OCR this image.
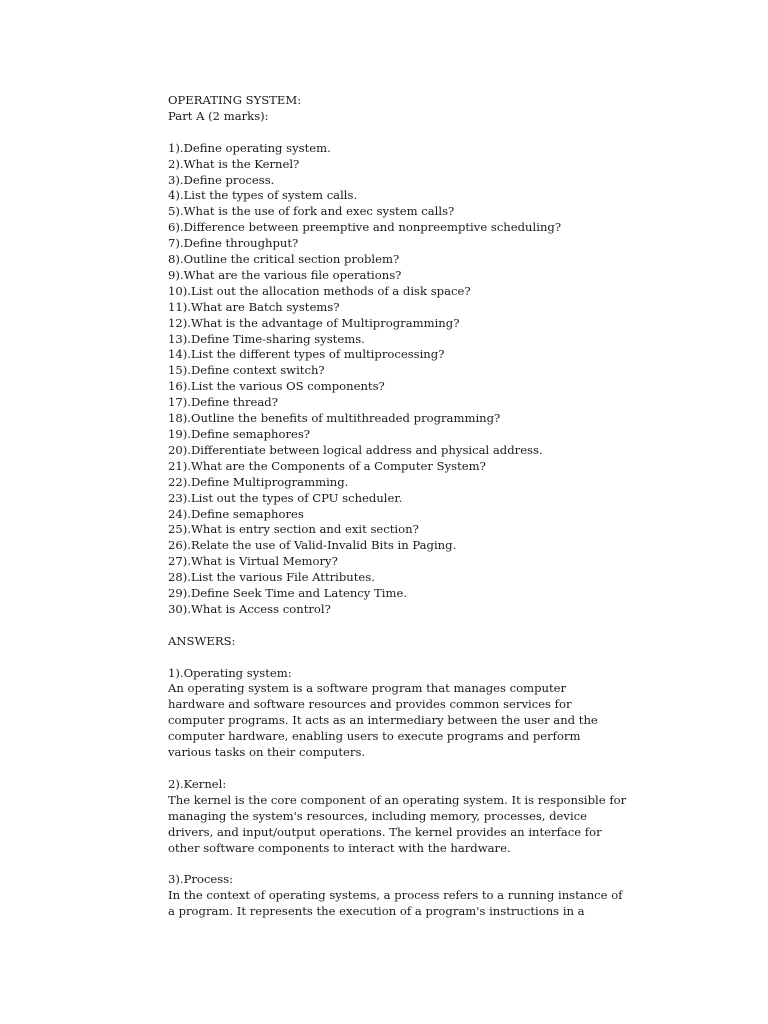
OPERATING SYSTEM:
Part A (2 marks):
1).Define operating system.
2).What is the Kernel?
3).Define process.
4).List the types of system calls.
5).What is the use of fork and exec system calls?
6).Difference between preemptive and nonpreemptive scheduling?
7).Define throughput?
8).Outline the critical section problem?
9).What are the various file operations?
10).List out the allocation methods of a disk space?
11).What are Batch systems?
12).What is the advantage of Multiprogramming?
13).Define Time-sharing systems.
14).List the different types of multiprocessing?
15).Define context switch?
16).List the various OS components?
17).Define thread?
18).Outline the benefits of multithreaded programming?
19).Define semaphores?
20).Differentiate between logical address and physical address.
21).What are the Components of a Computer System?
22).Define Multiprogramming.
23).List out the types of CPU scheduler.
24).Define semaphores
25).What is entry section and exit section?
26).Relate the use of Valid-Invalid Bits in Paging.
27).What is Virtual Memory?
28).List the various File Attributes.
29).Define Seek Time and Latency Time.
30).What is Access control?
ANSWERS:
1).Operating system:
An operating system is a software program that manages computer
hardware and software resources and provides common services for
computer programs. It acts as an intermediary between the user and the
computer hardware, enabling users to execute programs and perform
various tasks on their computers.
2).Kernel:
The kernel is the core component of an operating system. It is responsible for
managing the system's resources, including memory, processes, device
drivers, and input/output operations. The kernel provides an interface for
other software components to interact with the hardware.
3).Process:
In the context of operating systems, a process refers to a running instance of
a program. It represents the execution of a program's instructions in a
